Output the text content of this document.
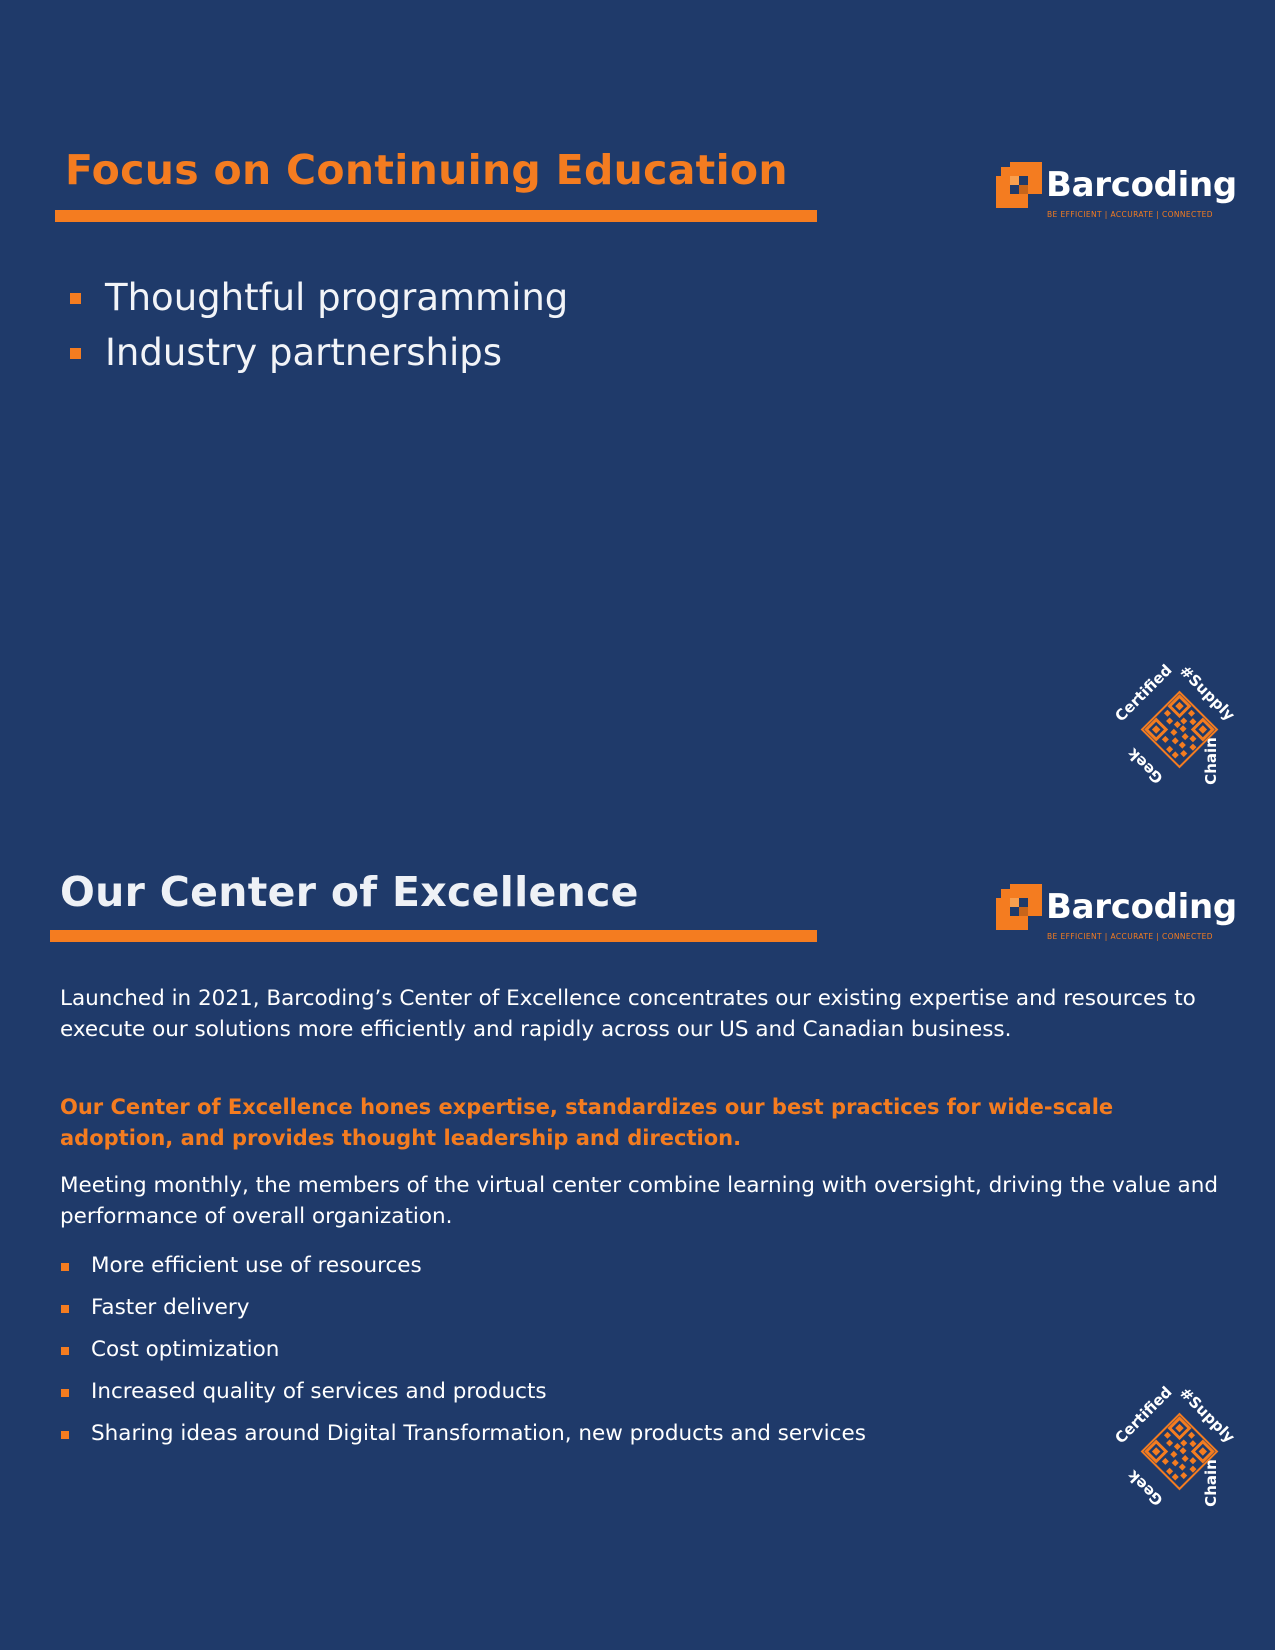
Focus on Continuing Education	Barcoding
BE EFFICIENT | ACCURATE | CONNECTED
Thoughtful programming
Industry partnerships
Certified #Supply
Chain
Geek
Our Center of Excellence	Barcoding
BE EFFICIENT | ACCURATE | CONNECTED

Launched in 2021, Barcoding’s Center of Excellence concentrates our existing expertise and resources to execute our solutions more efficiently and rapidly across our US and Canadian business.

Our Center of Excellence hones expertise, standardizes our best practices for wide-scale adoption, and provides thought leadership and direction.

Meeting monthly, the members of the virtual center combine learning with oversight, driving the value and performance of overall organization.

More efficient use of resources
Faster delivery
Cost optimization
Increased quality of services and products
Sharing ideas around Digital Transformation, new products and services	Certified #Supply
Chain
Geek
